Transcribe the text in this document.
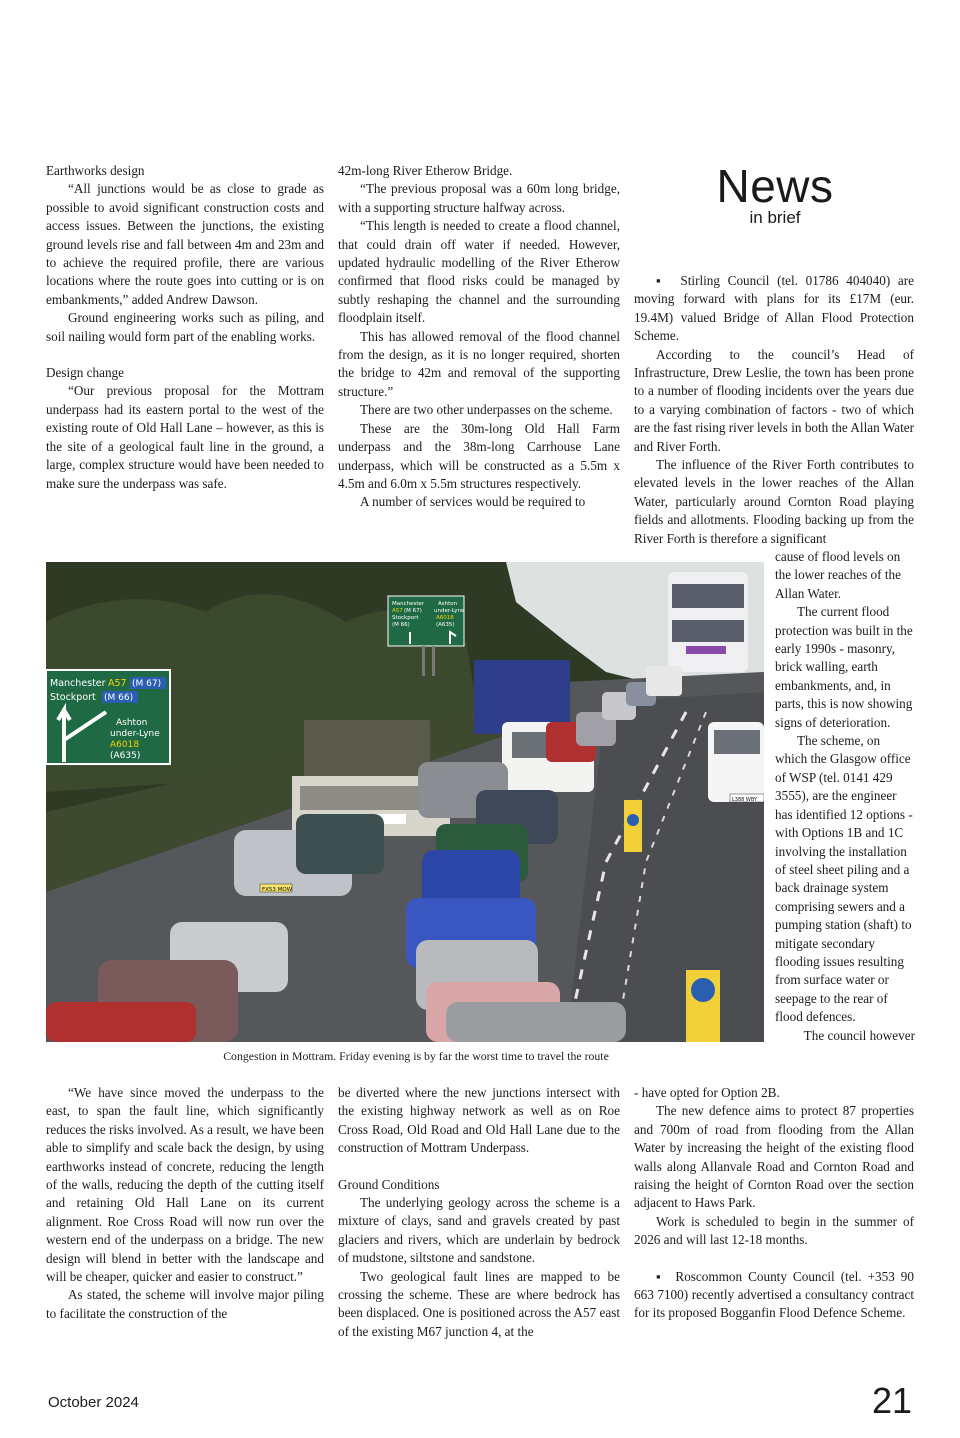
Earthworks design

“All junctions would be as close to grade as possible to avoid significant construction costs and access issues. Between the junctions, the existing ground levels rise and fall between 4m and 23m and to achieve the required profile, there are various locations where the route goes into cutting or is on embankments,” added Andrew Dawson.

Ground engineering works such as piling, and soil nailing would form part of the enabling works.

Design change

“Our previous proposal for the Mottram underpass had its eastern portal to the west of the existing route of Old Hall Lane – however, as this is the site of a geological fault line in the ground, a large, complex structure would have been needed to make sure the underpass was safe.

42m-long River Etherow Bridge.

“The previous proposal was a 60m long bridge, with a supporting structure halfway across.

“This length is needed to create a flood channel, that could drain off water if needed. However, updated hydraulic modelling of the River Etherow confirmed that flood risks could be managed by subtly reshaping the channel and the surrounding floodplain itself.

This has allowed removal of the flood channel from the design, as it is no longer required, shorten the bridge to 42m and removal of the supporting structure.”

There are two other underpasses on the scheme.

These are the 30m-long Old Hall Farm underpass and the 38m-long Carrhouse Lane underpass, which will be constructed as a 5.5m x 4.5m and 6.0m x 5.5m structures respectively.

A number of services would be required to

News
in brief

▪  Stirling Council (tel. 01786 404040) are moving forward with plans for its £17M (eur. 19.4M) valued Bridge of Allan Flood Protection Scheme.

According to the council’s Head of Infrastructure, Drew Leslie, the town has been prone to a number of flooding incidents over the years due to a varying combination of factors - two of which are the fast rising river levels in both the Allan Water and River Forth.

The influence of the River Forth contributes to elevated levels in the lower reaches of the Allan Water, particularly around Cornton Road playing fields and allotments. Flooding backing up from the River Forth is therefore a significant

cause of flood levels on the lower reaches of the Allan Water.

The current flood protection was built in the early 1990s - masonry, brick walling, earth embankments, and, in parts, this is now showing signs of deterioration.

The scheme, on which the Glasgow office of WSP (tel. 0141 429 3555), are the engineer has identified 12 options - with Options 1B and 1C involving the installation of steel sheet piling and a back drainage system comprising sewers and a pumping station (shaft) to mitigate secondary flooding issues resulting from surface water or seepage to the rear of flood defences.

The council however

- have opted for Option 2B.

The new defence aims to protect 87 properties and 700m of road from flooding from the Allan Water by increasing the height of the existing flood walls along Allanvale Road and Cornton Road and raising the height of Cornton Road over the section adjacent to Haws Park.

Work is scheduled to begin in the summer of 2026 and will last 12-18 months.

▪  Roscommon County Council (tel. +353 90 663 7100) recently advertised a consultancy contract for its proposed Bogganfin Flood Defence Scheme.

Manchester A57 (M 67)
Stockport (M 66)
Ashton
under-Lyne
A6018
(A635)
Manchester
A57 (M 67)
Stockport
(M 66)
Ashton
under-Lyne
A6018
(A635)
L388 WBY
FX53 MOW
Congestion in Mottram. Friday evening is by far the worst time to travel the route

“We have since moved the underpass to the east, to span the fault line, which significantly reduces the risks involved. As a result, we have been able to simplify and scale back the design, by using earthworks instead of concrete, reducing the length of the walls, reducing the depth of the cutting itself and retaining Old Hall Lane on its current alignment. Roe Cross Road will now run over the western end of the underpass on a bridge. The new design will blend in better with the landscape and will be cheaper, quicker and easier to construct.”

As stated, the scheme will involve major piling to facilitate the construction of the

be diverted where the new junctions intersect with the existing highway network as well as on Roe Cross Road, Old Road and Old Hall Lane due to the construction of Mottram Underpass.

Ground Conditions

The underlying geology across the scheme is a mixture of clays, sand and gravels created by past glaciers and rivers, which are underlain by bedrock of mudstone, siltstone and sandstone.

Two geological fault lines are mapped to be crossing the scheme. These are where bedrock has been displaced. One is positioned across the A57 east of the existing M67 junction 4, at the

October 2024	21
